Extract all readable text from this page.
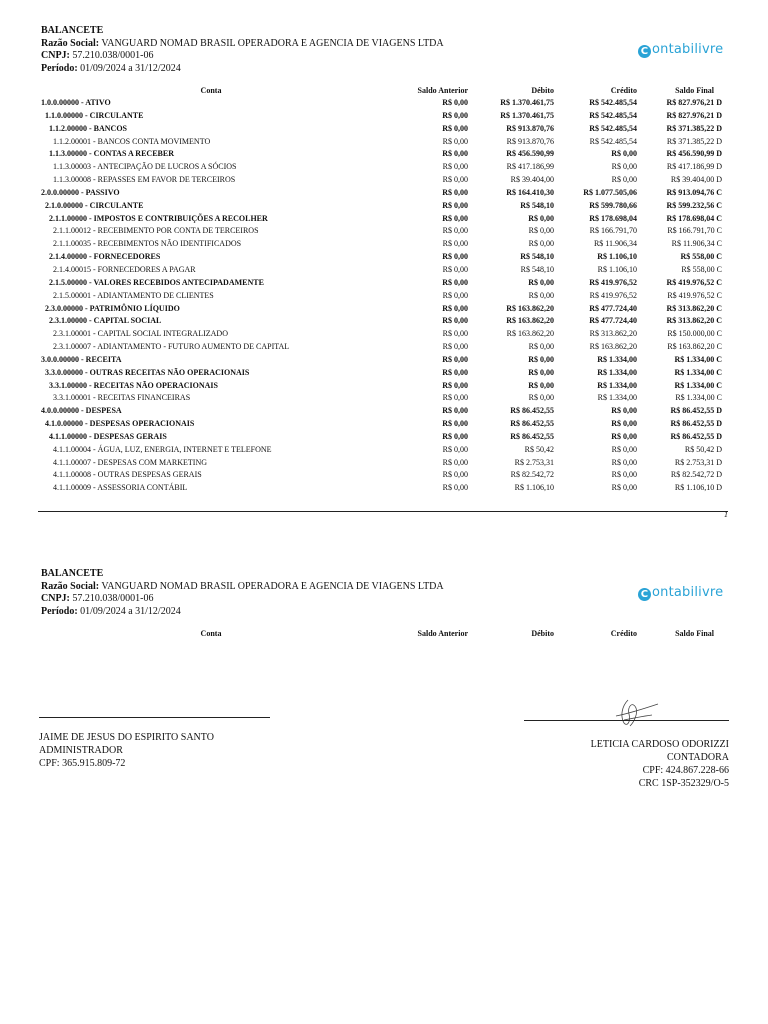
BALANCETE
Razão Social: VANGUARD NOMAD BRASIL OPERADORA E AGENCIA DE VIAGENS LTDA
CNPJ: 57.210.038/0001-06
Período: 01/09/2024 a 31/12/2024
C ontabilivre
Conta	Saldo Anterior	Débito	Crédito	Saldo Final
1.0.0.00000 - ATIVO	R$ 0,00	R$ 1.370.461,75	R$ 542.485,54	R$ 827.976,21 D
1.1.0.00000 - CIRCULANTE	R$ 0,00	R$ 1.370.461,75	R$ 542.485,54	R$ 827.976,21 D
1.1.2.00000 - BANCOS	R$ 0,00	R$ 913.870,76	R$ 542.485,54	R$ 371.385,22 D
1.1.2.00001 - BANCOS CONTA MOVIMENTO	R$ 0,00	R$ 913.870,76	R$ 542.485,54	R$ 371.385,22 D
1.1.3.00000 - CONTAS A RECEBER	R$ 0,00	R$ 456.590,99	R$ 0,00	R$ 456.590,99 D
1.1.3.00003 - ANTECIPAÇÃO DE LUCROS A SÓCIOS	R$ 0,00	R$ 417.186,99	R$ 0,00	R$ 417.186,99 D
1.1.3.00008 - REPASSES EM FAVOR DE TERCEIROS	R$ 0,00	R$ 39.404,00	R$ 0,00	R$ 39.404,00 D
2.0.0.00000 - PASSIVO	R$ 0,00	R$ 164.410,30	R$ 1.077.505,06	R$ 913.094,76 C
2.1.0.00000 - CIRCULANTE	R$ 0,00	R$ 548,10	R$ 599.780,66	R$ 599.232,56 C
2.1.1.00000 - IMPOSTOS E CONTRIBUIÇÕES A RECOLHER	R$ 0,00	R$ 0,00	R$ 178.698,04	R$ 178.698,04 C
2.1.1.00012 - RECEBIMENTO POR CONTA DE TERCEIROS	R$ 0,00	R$ 0,00	R$ 166.791,70	R$ 166.791,70 C
2.1.1.00035 - RECEBIMENTOS NÃO IDENTIFICADOS	R$ 0,00	R$ 0,00	R$ 11.906,34	R$ 11.906,34 C
2.1.4.00000 - FORNECEDORES	R$ 0,00	R$ 548,10	R$ 1.106,10	R$ 558,00 C
2.1.4.00015 - FORNECEDORES A PAGAR	R$ 0,00	R$ 548,10	R$ 1.106,10	R$ 558,00 C
2.1.5.00000 - VALORES RECEBIDOS ANTECIPADAMENTE	R$ 0,00	R$ 0,00	R$ 419.976,52	R$ 419.976,52 C
2.1.5.00001 - ADIANTAMENTO DE CLIENTES	R$ 0,00	R$ 0,00	R$ 419.976,52	R$ 419.976,52 C
2.3.0.00000 - PATRIMÔNIO LÍQUIDO	R$ 0,00	R$ 163.862,20	R$ 477.724,40	R$ 313.862,20 C
2.3.1.00000 - CAPITAL SOCIAL	R$ 0,00	R$ 163.862,20	R$ 477.724,40	R$ 313.862,20 C
2.3.1.00001 - CAPITAL SOCIAL INTEGRALIZADO	R$ 0,00	R$ 163.862,20	R$ 313.862,20	R$ 150.000,00 C
2.3.1.00007 - ADIANTAMENTO - FUTURO AUMENTO DE CAPITAL	R$ 0,00	R$ 0,00	R$ 163.862,20	R$ 163.862,20 C
3.0.0.00000 - RECEITA	R$ 0,00	R$ 0,00	R$ 1.334,00	R$ 1.334,00 C
3.3.0.00000 - OUTRAS RECEITAS NÃO OPERACIONAIS	R$ 0,00	R$ 0,00	R$ 1.334,00	R$ 1.334,00 C
3.3.1.00000 - RECEITAS NÃO OPERACIONAIS	R$ 0,00	R$ 0,00	R$ 1.334,00	R$ 1.334,00 C
3.3.1.00001 - RECEITAS FINANCEIRAS	R$ 0,00	R$ 0,00	R$ 1.334,00	R$ 1.334,00 C
4.0.0.00000 - DESPESA	R$ 0,00	R$ 86.452,55	R$ 0,00	R$ 86.452,55 D
4.1.0.00000 - DESPESAS OPERACIONAIS	R$ 0,00	R$ 86.452,55	R$ 0,00	R$ 86.452,55 D
4.1.1.00000 - DESPESAS GERAIS	R$ 0,00	R$ 86.452,55	R$ 0,00	R$ 86.452,55 D
4.1.1.00004 - ÁGUA, LUZ, ENERGIA, INTERNET E TELEFONE	R$ 0,00	R$ 50,42	R$ 0,00	R$ 50,42 D
4.1.1.00007 - DESPESAS COM MARKETING	R$ 0,00	R$ 2.753,31	R$ 0,00	R$ 2.753,31 D
4.1.1.00008 - OUTRAS DESPESAS GERAIS	R$ 0,00	R$ 82.542,72	R$ 0,00	R$ 82.542,72 D
4.1.1.00009 - ASSESSORIA CONTÁBIL	R$ 0,00	R$ 1.106,10	R$ 0,00	R$ 1.106,10 D
1
BALANCETE
Razão Social: VANGUARD NOMAD BRASIL OPERADORA E AGENCIA DE VIAGENS LTDA
CNPJ: 57.210.038/0001-06
Período: 01/09/2024 a 31/12/2024
C ontabilivre
Conta	Saldo Anterior	Débito	Crédito	Saldo Final
JAIME DE JESUS DO ESPIRITO SANTO
ADMINISTRADOR
CPF: 365.915.809-72
LETICIA CARDOSO ODORIZZI
CONTADORA
CPF: 424.867.228-66
CRC 1SP-352329/O-5
